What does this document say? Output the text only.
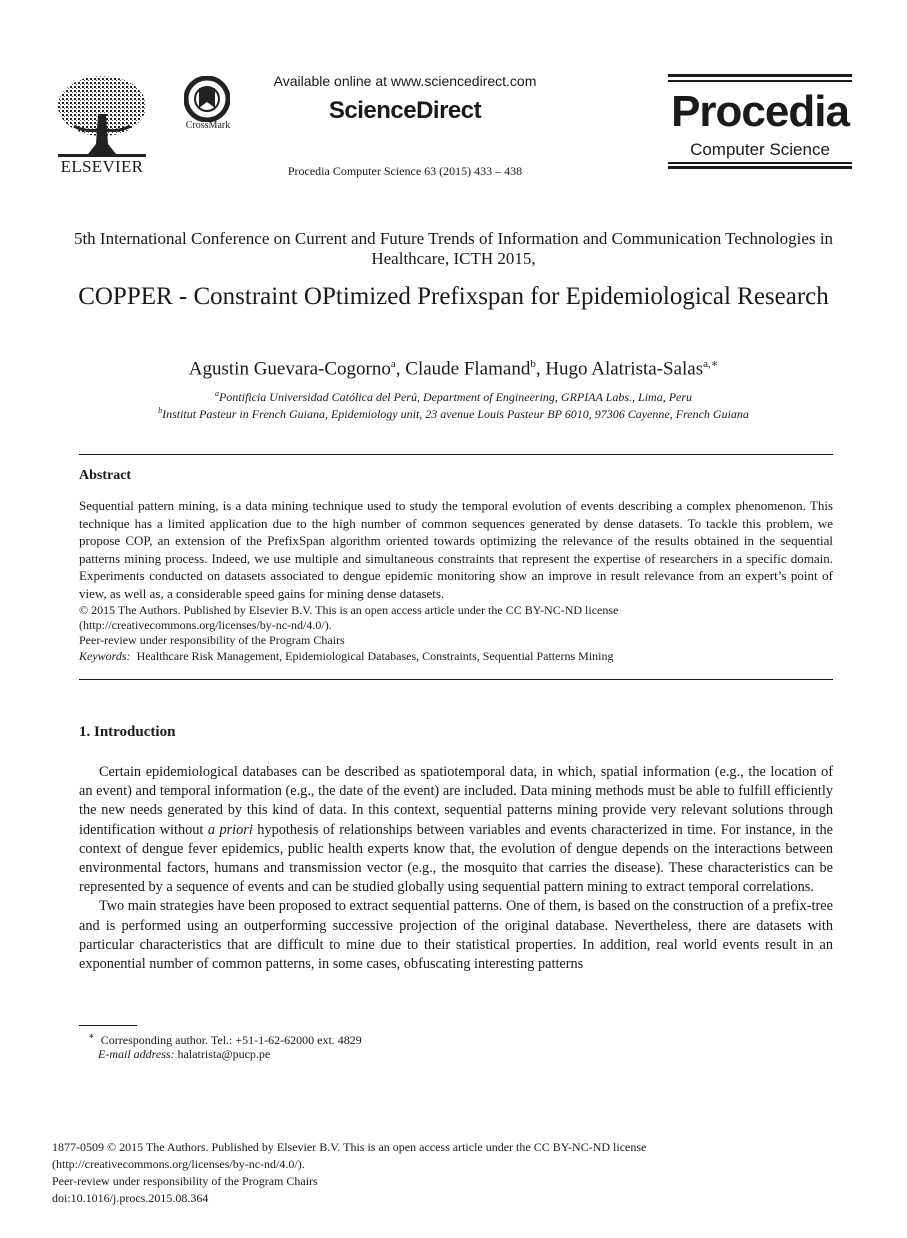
ELSEVIER
CrossMark
Available online at www.sciencedirect.com
ScienceDirect
Procedia Computer Science 63 (2015) 433 – 438
Procedia
Computer Science
5th International Conference on Current and Future Trends of Information and Communication Technologies in Healthcare, ICTH 2015,
COPPER - Constraint OPtimized Prefixspan for Epidemiological Research
Agustin Guevara-Cogorno$^a$, Claude Flamand$^b$, Hugo Alatrista-Salas$^{a,∗}$
$^a$Pontificia Universidad Católica del Perú, Department of Engineering, GRPIAA Labs., Lima, Peru
$^b$Institut Pasteur in French Guiana, Epidemiology unit, 23 avenue Louis Pasteur BP 6010, 97306 Cayenne, French Guiana
Abstract
Sequential pattern mining, is a data mining technique used to study the temporal evolution of events describing a complex phenomenon. This technique has a limited application due to the high number of common sequences generated by dense datasets. To tackle this problem, we propose COP, an extension of the PrefixSpan algorithm oriented towards optimizing the relevance of the results obtained in the sequential patterns mining process. Indeed, we use multiple and simultaneous constraints that represent the expertise of researchers in a specific domain. Experiments conducted on datasets associated to dengue epidemic monitoring show an improve in result relevance from an expert’s point of view, as well as, a considerable speed gains for mining dense datasets.
© 2015 The Authors. Published by Elsevier B.V. This is an open access article under the CC BY-NC-ND license
(http://creativecommons.org/licenses/by-nc-nd/4.0/).
Peer-review under responsibility of the Program Chairs
Keywords: Healthcare Risk Management, Epidemiological Databases, Constraints, Sequential Patterns Mining
1. Introduction

Certain epidemiological databases can be described as spatiotemporal data, in which, spatial information (e.g., the location of an event) and temporal information (e.g., the date of the event) are included. Data mining methods must be able to fulfill efficiently the new needs generated by this kind of data. In this context, sequential patterns mining provide very relevant solutions through identification without a priori hypothesis of relationships between variables and events characterized in time. For instance, in the context of dengue fever epidemics, public health experts know that, the evolution of dengue depends on the interactions between environmental factors, humans and transmission vector (e.g., the mosquito that carries the disease). These characteristics can be represented by a sequence of events and can be studied globally using sequential pattern mining to extract temporal correlations.

Two main strategies have been proposed to extract sequential patterns. One of them, is based on the construction of a prefix-tree and is performed using an outperforming successive projection of the original database. Nevertheless, there are datasets with particular characteristics that are difficult to mine due to their statistical properties. In addition, real world events result in an exponential number of common patterns, in some cases, obfuscating interesting patterns

∗ Corresponding author. Tel.: +51-1-62-62000 ext. 4829
E-mail address: halatrista@pucp.pe
1877-0509 © 2015 The Authors. Published by Elsevier B.V. This is an open access article under the CC BY-NC-ND license
(http://creativecommons.org/licenses/by-nc-nd/4.0/).
Peer-review under responsibility of the Program Chairs
doi:10.1016/j.procs.2015.08.364
